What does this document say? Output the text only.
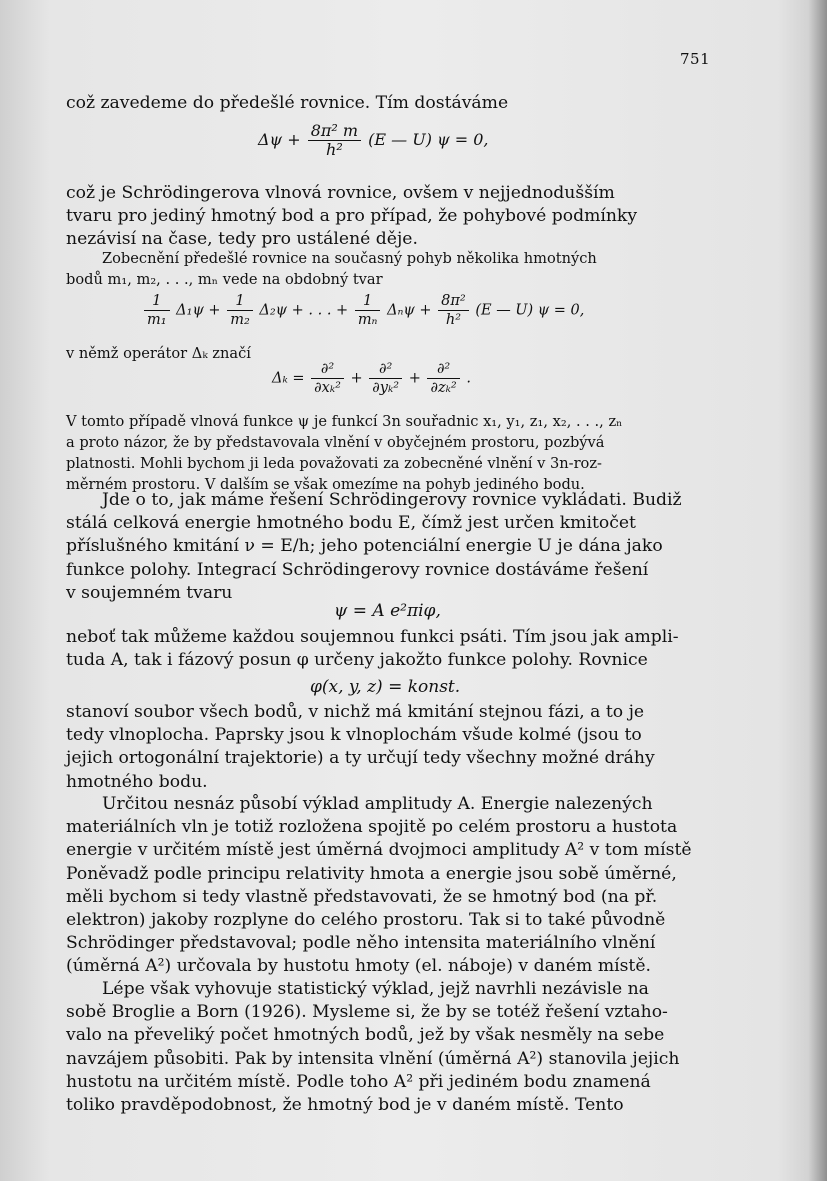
751
což zavedeme do předešlé rovnice. Tím dostáváme
$\Delta\psi + \frac{\text{8π² m}}{\text{h²}} (E$ — U) ψ = 0,
což je Schrödingerova vlnová rovnice, ovšem v nejjednodušším
tvaru pro jediný hmotný bod a pro případ, že pohybové podmínky
nezávisí na čase, tedy pro ustálené děje.
Zobecnění předešlé rovnice na současný pohyb několika hmotných
bodů m₁, m₂, . . ., mₙ vede na obdobný tvar
$\frac{1}{\text{m₁}} \Delta_1\psi + \frac{1}{\text{m₂}} \Delta_2\psi$ + . . . + $\frac{1}{\text{mₙ}}$ $\Delta_n\psi + \frac{\text{8π²}}{\text{h²}} (E$ — U) ψ = 0,
v němž operátor Δₖ značí
$\Delta_k = \frac{\text{∂²}}{\text{∂xₖ²}} + \frac{\text{∂²}}{\text{∂yₖ²}} + \frac{\text{∂²}}{\text{∂zₖ²}}$ .
V tomto případě vlnová funkce ψ je funkcí 3n souřadnic x₁, y₁, z₁, x₂, . . ., zₙ
a proto názor, že by představovala vlnění v obyčejném prostoru, pozbývá
platnosti. Mohli bychom ji leda považovati za zobecněné vlnění v 3n-roz-
měrném prostoru. V dalším se však omezíme na pohyb jediného bodu.
Jde o to, jak máme řešení Schrödingerovy rovnice vykládati. Budiž
stálá celková energie hmotného bodu E, čímž jest určen kmitočet
příslušného kmitání ν = E/h; jeho potenciální energie U je dána jako
funkce polohy. Integrací Schrödingerovy rovnice dostáváme řešení
v soujemném tvaru
ψ = A e²πiφ,
neboť tak můžeme každou soujemnou funkci psáti. Tím jsou jak ampli-
tuda A, tak i fázový posun φ určeny jakožto funkce polohy. Rovnice
φ(x, y, z) = konst.
stanoví soubor všech bodů, v nichž má kmitání stejnou fázi, a to je
tedy vlnoplocha. Paprsky jsou k vlnoplochám všude kolmé (jsou to
jejich ortogonální trajektorie) a ty určují tedy všechny možné dráhy
hmotného bodu.
Určitou nesnáz působí výklad amplitudy A. Energie nalezených
materiálních vln je totiž rozložena spojitě po celém prostoru a hustota
energie v určitém místě jest úměrná dvojmoci amplitudy A² v tom místě
Poněvadž podle principu relativity hmota a energie jsou sobě úměrné,
měli bychom si tedy vlastně představovati, že se hmotný bod (na př.
elektron) jakoby rozplyne do celého prostoru. Tak si to také původně
Schrödinger představoval; podle něho intensita materiálního vlnění
(úměrná A²) určovala by hustotu hmoty (el. náboje) v daném místě.
Lépe však vyhovuje statistický výklad, jejž navrhli nezávisle na
sobě Broglie a Born (1926). Mysleme si, že by se totéž řešení vztaho-
valo na převeliký počet hmotných bodů, jež by však nesměly na sebe
navzájem působiti. Pak by intensita vlnění (úměrná A²) stanovila jejich
hustotu na určitém místě. Podle toho A² při jediném bodu znamená
toliko pravděpodobnost, že hmotný bod je v daném místě. Tento
